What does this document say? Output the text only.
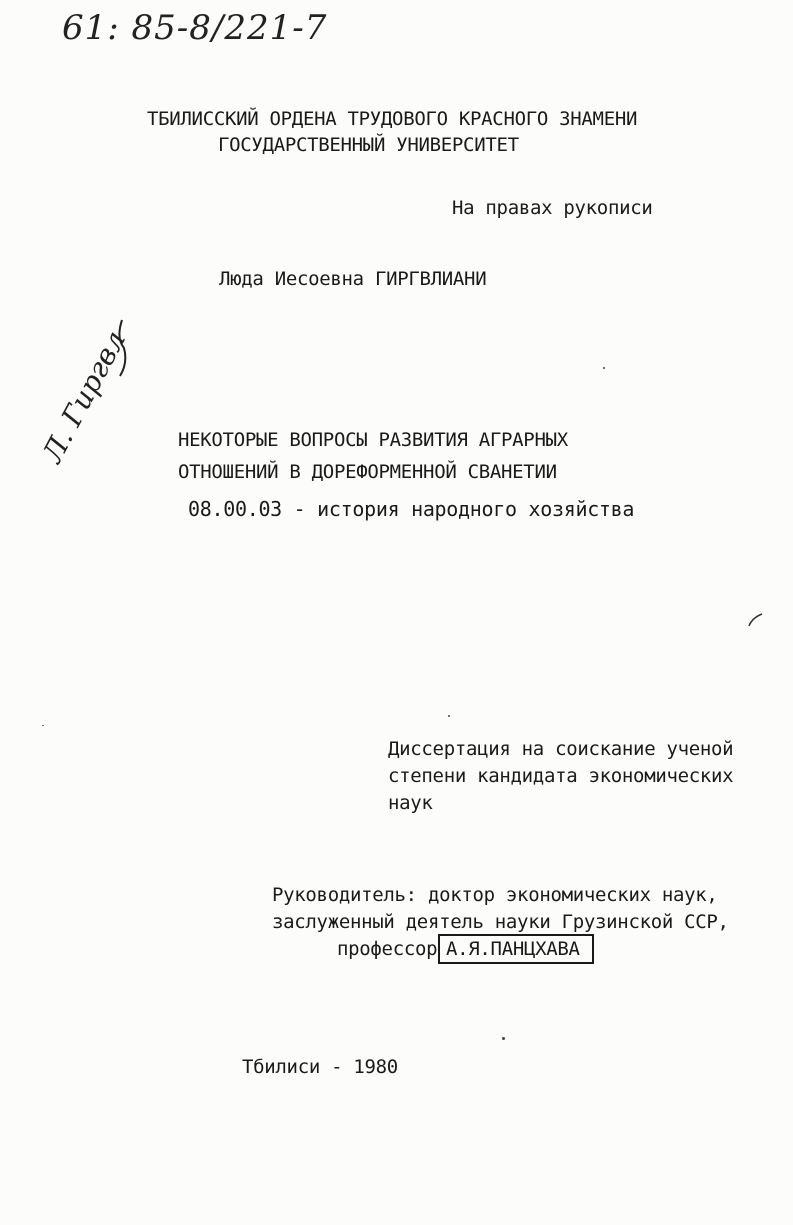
61: 85-8/221-7
ТБИЛИССКИЙ ОРДЕНА ТРУДОВОГО КРАСНОГО ЗНАМЕНИ
ГОСУДАРСТВЕННЫЙ УНИВЕРСИТЕТ
На правах рукописи
Люда Иесоевна ГИРГВЛИАНИ
Л. Гиргвл НЕКОТОРЫЕ ВОПРОСЫ РАЗВИТИЯ АГРАРНЫХ
ОТНОШЕНИЙ В ДОРЕФОРМЕННОЙ СВАНЕТИИ
08.00.03 - история народного хозяйства
Диссертация на соискание ученой
степени кандидата экономических
наук
Руководитель: доктор экономических наук,
заслуженный деятель науки Грузинской ССР,
профессор А.Я.ПАНЦХАВА
Тбилиси - 1980
